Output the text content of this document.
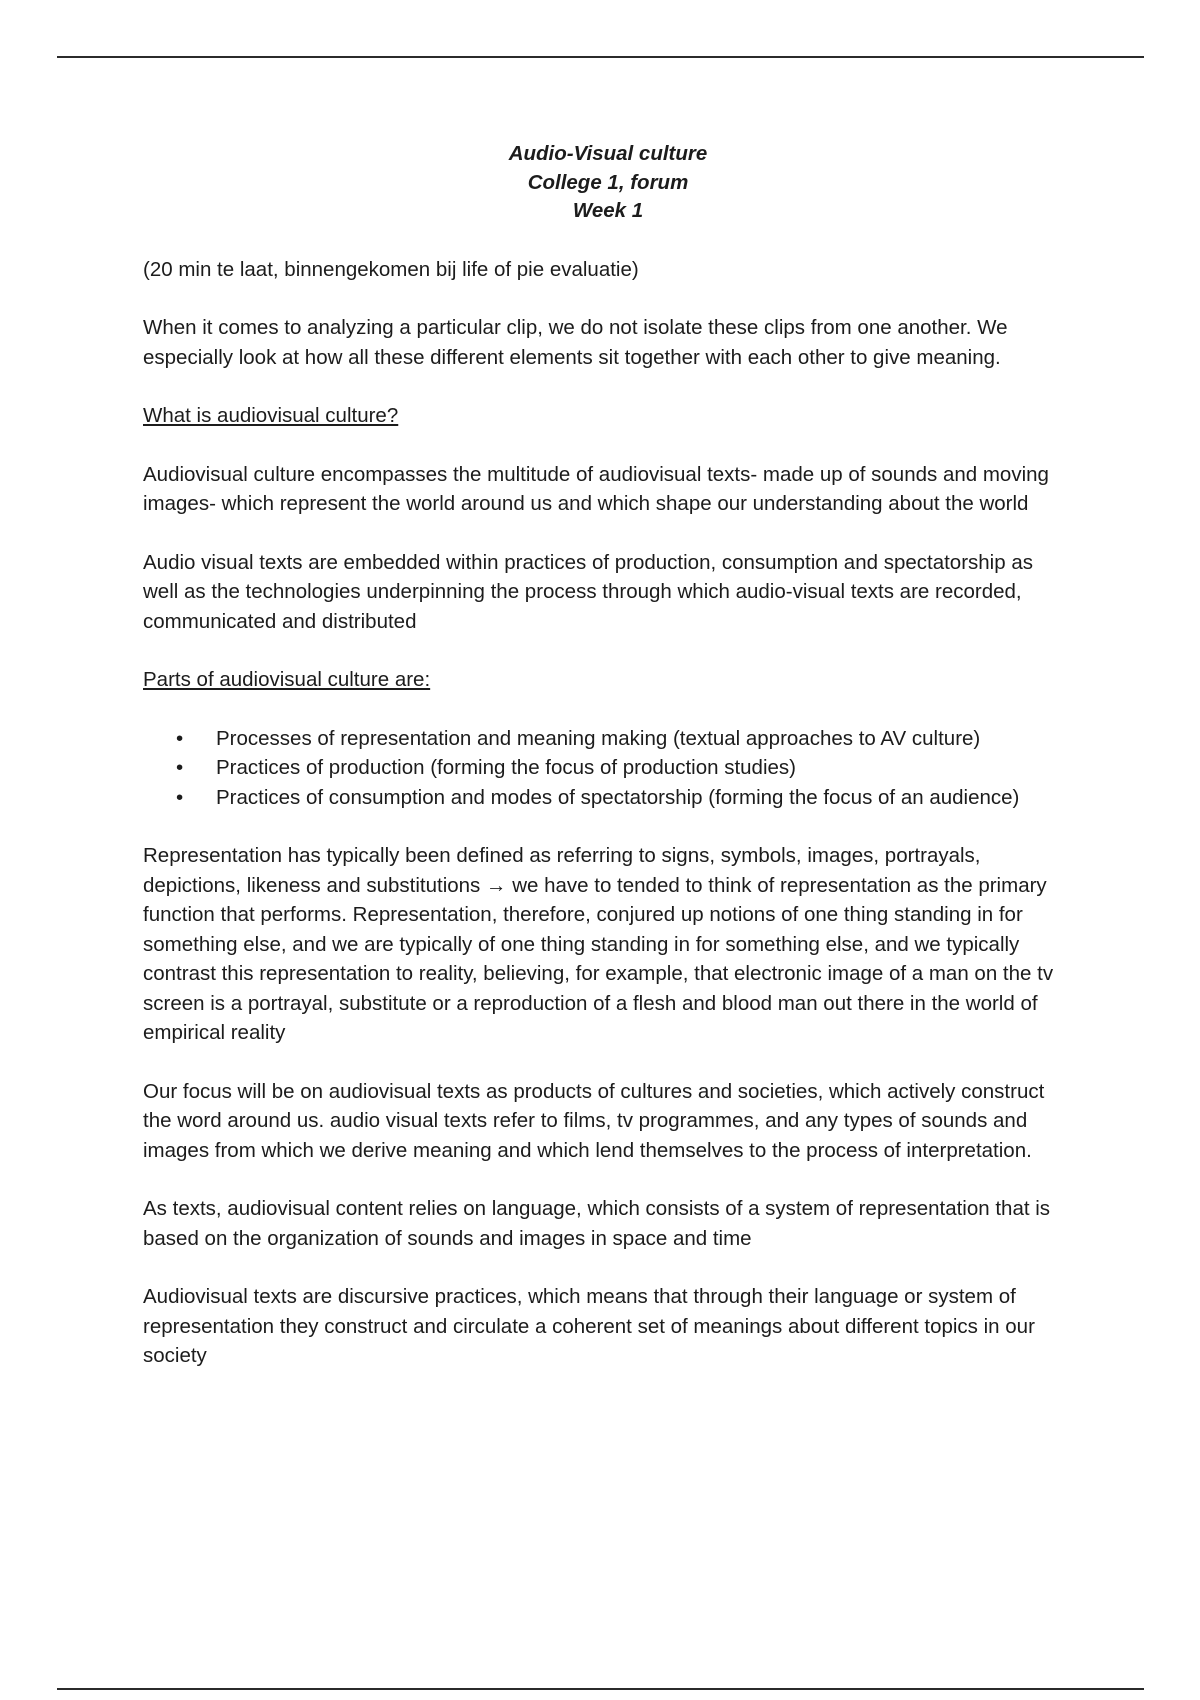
Audio-Visual culture
College 1, forum
Week 1

(20 min te laat, binnengekomen bij life of pie evaluatie)

When it comes to analyzing a particular clip, we do not isolate these clips from one another. We especially look at how all these different elements sit together with each other to give meaning.

What is audiovisual culture?

Audiovisual culture encompasses the multitude of audiovisual texts- made up of sounds and moving images- which represent the world around us and which shape our understanding about the world

Audio visual texts are embedded within practices of production, consumption and spectatorship as well as the technologies underpinning the process through which audio-visual texts are recorded, communicated and distributed

Parts of audiovisual culture are:

• Processes of representation and meaning making (textual approaches to AV culture)
• Practices of production (forming the focus of production studies)
• Practices of consumption and modes of spectatorship (forming the focus of an audience)

Representation has typically been defined as referring to signs, symbols, images, portrayals, depictions, likeness and substitutions → we have to tended to think of representation as the primary function that performs. Representation, therefore, conjured up notions of one thing standing in for something else, and we are typically of one thing standing in for something else, and we typically contrast this representation to reality, believing, for example, that electronic image of a man on the tv screen is a portrayal, substitute or a reproduction of a flesh and blood man out there in the world of empirical reality

Our focus will be on audiovisual texts as products of cultures and societies, which actively construct the word around us. audio visual texts refer to films, tv programmes, and any types of sounds and images from which we derive meaning and which lend themselves to the process of interpretation.

As texts, audiovisual content relies on language, which consists of a system of representation that is based on the organization of sounds and images in space and time

Audiovisual texts are discursive practices, which means that through their language or system of representation they construct and circulate a coherent set of meanings about different topics in our society
